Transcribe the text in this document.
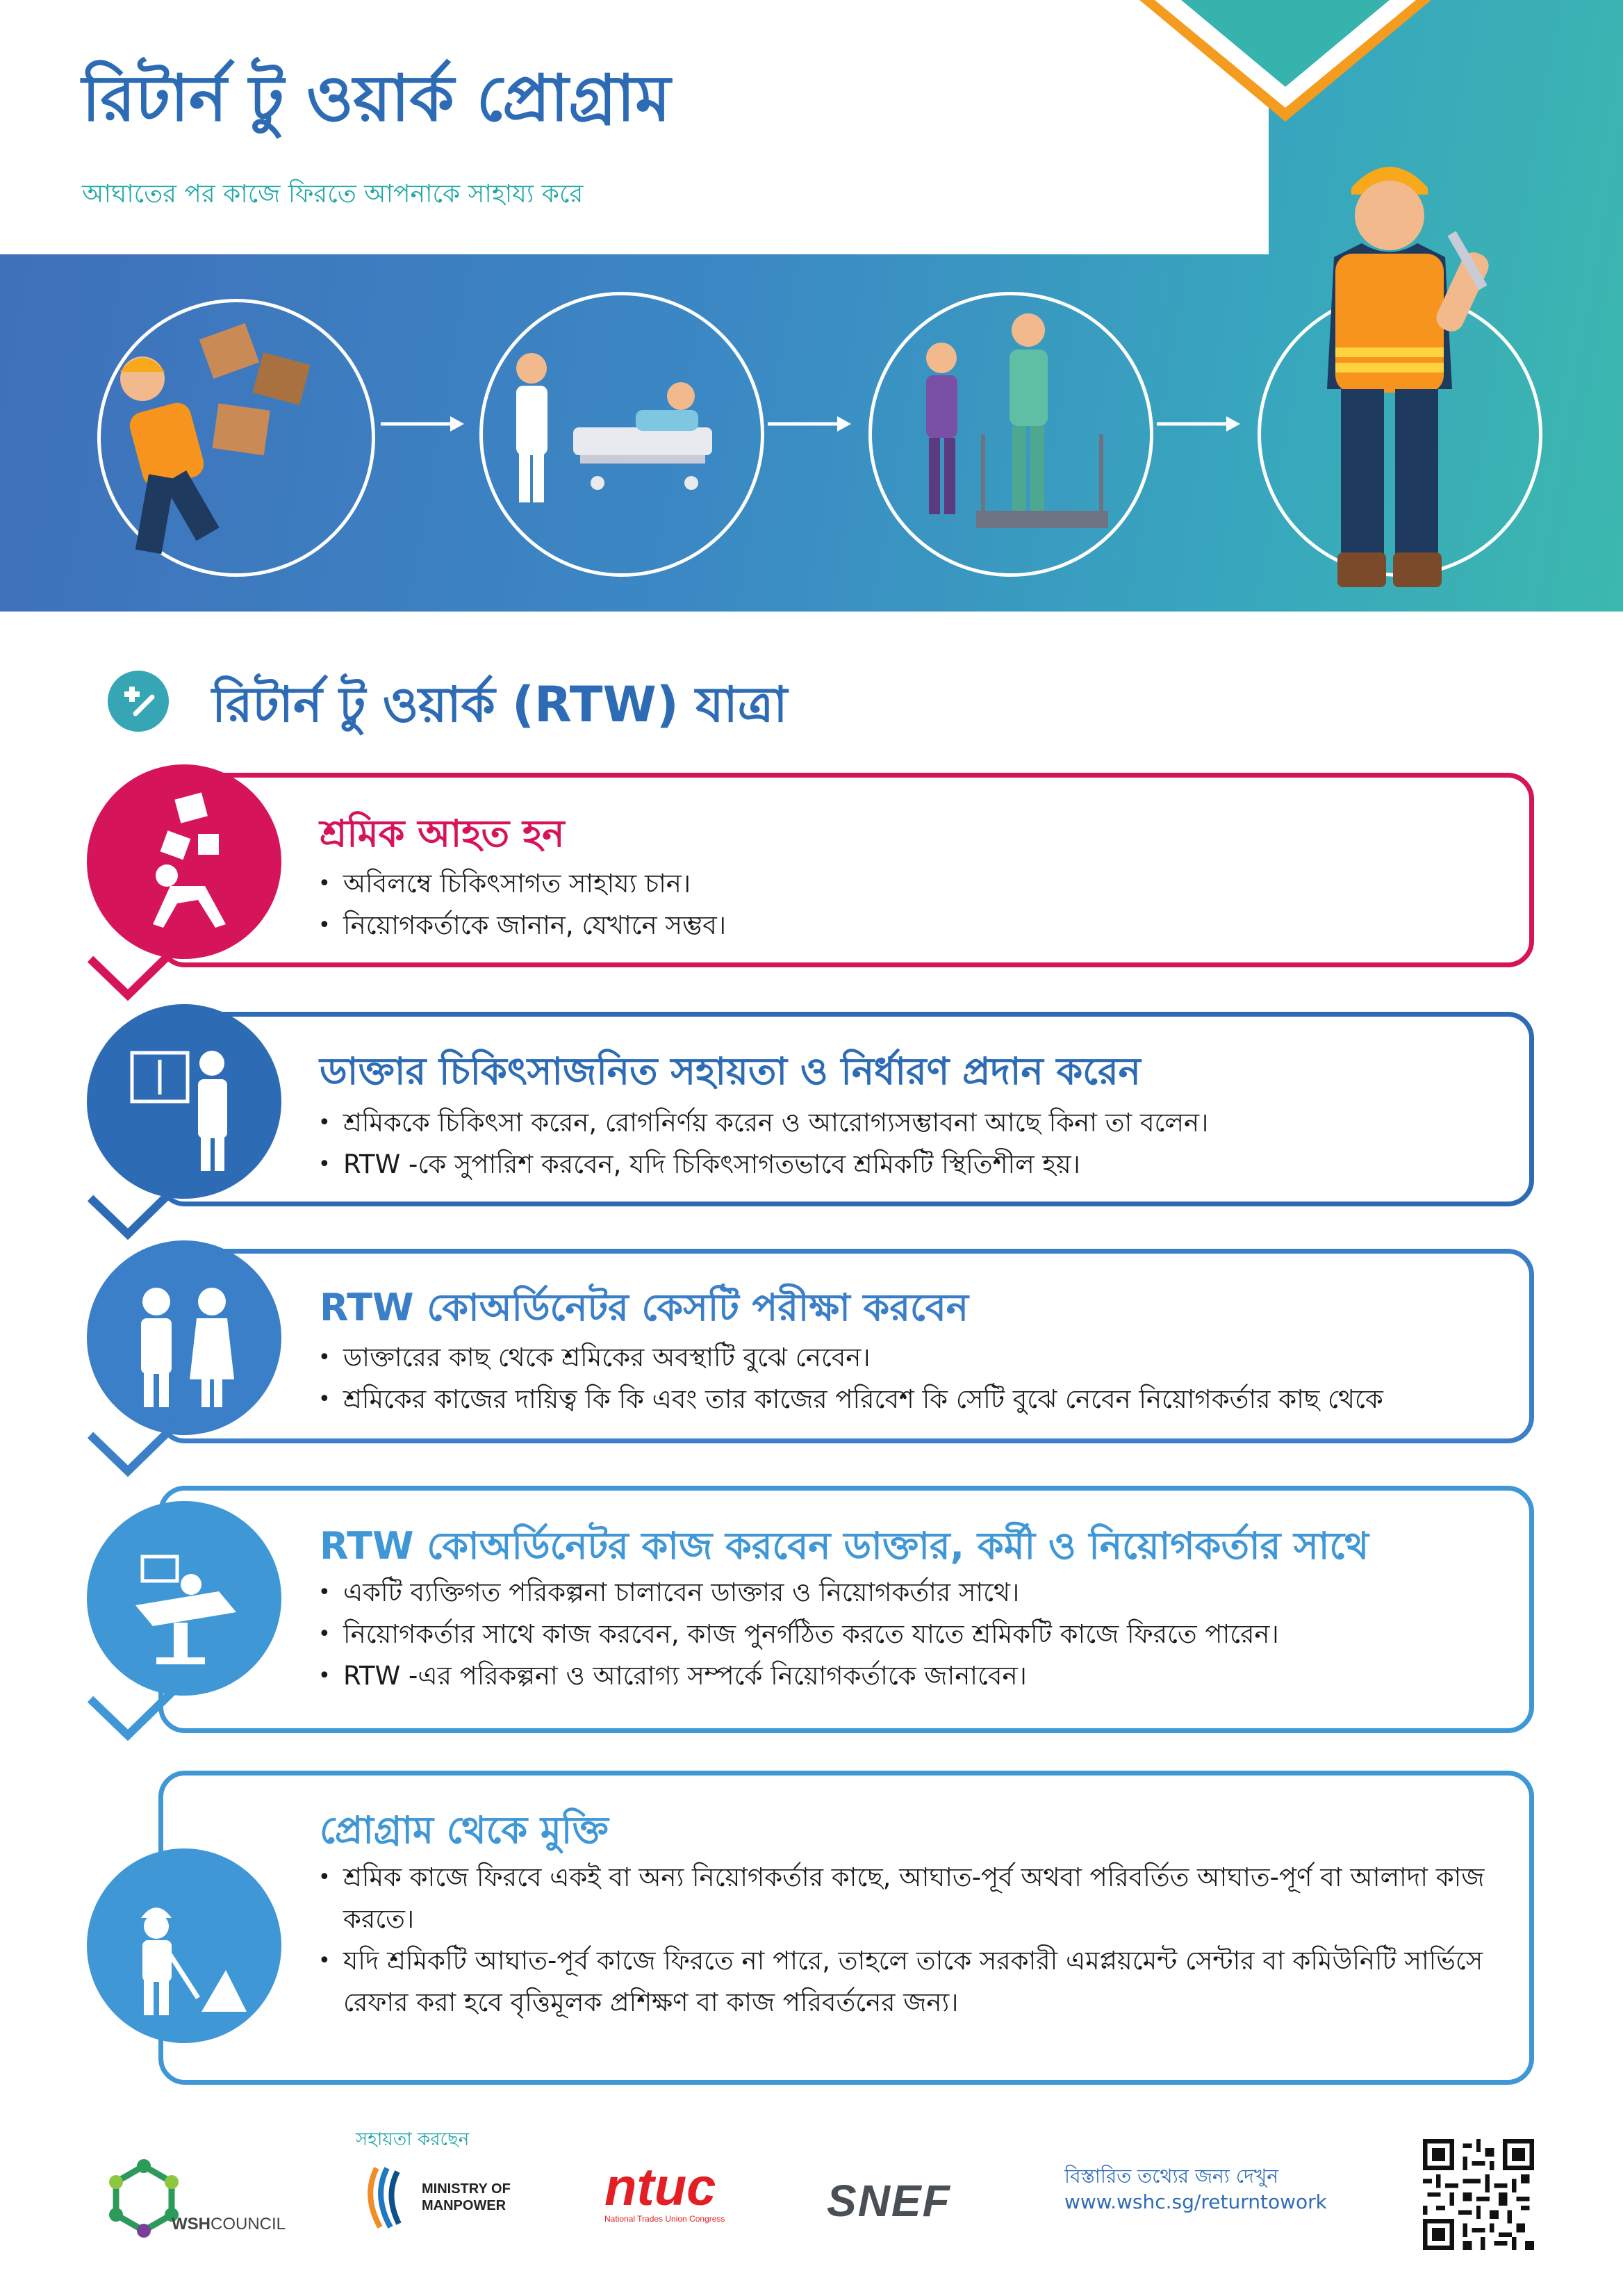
রিটার্ন টু ওয়ার্ক প্রোগ্রাম
আঘাতের পর কাজে ফিরতে আপনাকে সাহায্য করে
রিটার্ন টু ওয়ার্ক (RTW) যাত্রা
শ্রমিক আহত হন
• অবিলম্বে চিকিৎসাগত সাহায্য চান।
• নিয়োগকর্তাকে জানান, যেখানে সম্ভব।
ডাক্তার চিকিৎসাজনিত সহায়তা ও নির্ধারণ প্রদান করেন
• শ্রমিককে চিকিৎসা করেন, রোগনির্ণয় করেন ও আরোগ্যসম্ভাবনা আছে কিনা তা বলেন।
• RTW -কে সুপারিশ করবেন, যদি চিকিৎসাগতভাবে শ্রমিকটি স্থিতিশীল হয়।
RTW কোঅর্ডিনেটর কেসটি পরীক্ষা করবেন
• ডাক্তারের কাছ থেকে শ্রমিকের অবস্থাটি বুঝে নেবেন।
• শ্রমিকের কাজের দায়িত্ব কি কি এবং তার কাজের পরিবেশ কি সেটি বুঝে নেবেন নিয়োগকর্তার কাছ থেকে
RTW কোঅর্ডিনেটর কাজ করবেন ডাক্তার, কর্মী ও নিয়োগকর্তার সাথে
• একটি ব্যক্তিগত পরিকল্পনা চালাবেন ডাক্তার ও নিয়োগকর্তার সাথে।
• নিয়োগকর্তার সাথে কাজ করবেন, কাজ পুনর্গঠিত করতে যাতে শ্রমিকটি কাজে ফিরতে পারেন।
• RTW -এর পরিকল্পনা ও আরোগ্য সম্পর্কে নিয়োগকর্তাকে জানাবেন।
প্রোগ্রাম থেকে মুক্তি
• শ্রমিক কাজে ফিরবে একই বা অন্য নিয়োগকর্তার কাছে, আঘাত-পূর্ব অথবা পরিবর্তিত আঘাত-পূর্ণ বা আলাদা কাজ করতে।
• যদি শ্রমিকটি আঘাত-পূর্ব কাজে ফিরতে না পারে, তাহলে তাকে সরকারী এমপ্লয়মেন্ট সেন্টার বা কমিউনিটি সার্ভিসে রেফার করা হবে বৃত্তিমূলক প্রশিক্ষণ বা কাজ পরিবর্তনের জন্য।
সহায়তা করছেন
WSHCOUNCIL
MINISTRY OF
MANPOWER ntuc
National Trades Union Congress	SNEF	বিস্তারিত তথ্যের জন্য দেখুন
www.wshc.sg/returntowork
